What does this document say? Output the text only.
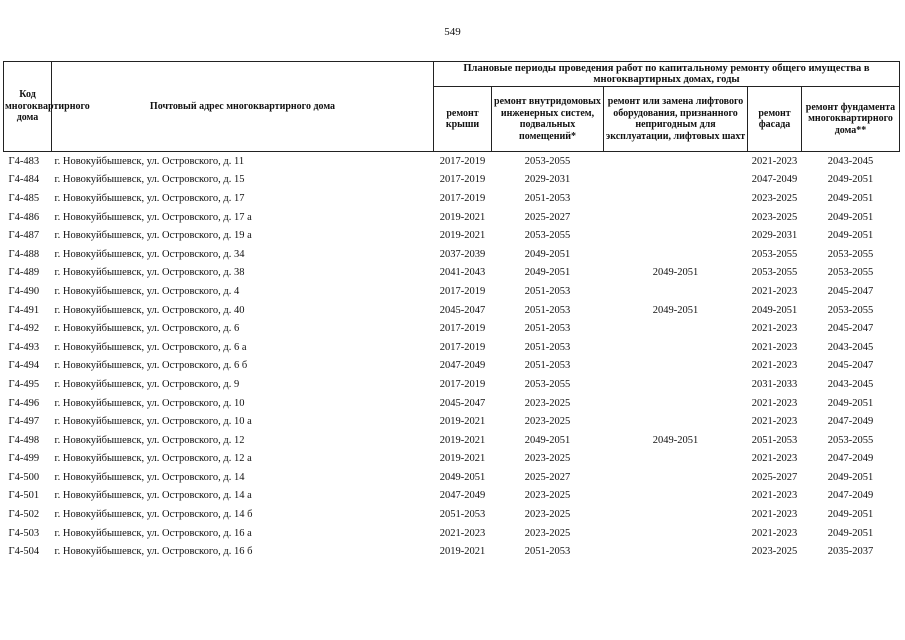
549
Код многоквартирного дома	Почтовый адрес многоквартирного дома	Плановые периоды проведения работ по капитальному ремонту общего имущества в многоквартирных домах, годы				
		ремонт крыши	ремонт внутридомовых инженерных систем, подвальных помещений*	ремонт или замена лифтового оборудования, признанного непригодным для эксплуатации, лифтовых шахт	ремонт фасада	ремонт фундамента многоквартирного дома**
Г4-483	г. Новокуйбышевск, ул. Островского, д. 11	2017-2019	2053-2055		2021-2023	2043-2045
Г4-484	г. Новокуйбышевск, ул. Островского, д. 15	2017-2019	2029-2031		2047-2049	2049-2051
Г4-485	г. Новокуйбышевск, ул. Островского, д. 17	2017-2019	2051-2053		2023-2025	2049-2051
Г4-486	г. Новокуйбышевск, ул. Островского, д. 17 а	2019-2021	2025-2027		2023-2025	2049-2051
Г4-487	г. Новокуйбышевск, ул. Островского, д. 19 а	2019-2021	2053-2055		2029-2031	2049-2051
Г4-488	г. Новокуйбышевск, ул. Островского, д. 34	2037-2039	2049-2051		2053-2055	2053-2055
Г4-489	г. Новокуйбышевск, ул. Островского, д. 38	2041-2043	2049-2051	2049-2051	2053-2055	2053-2055
Г4-490	г. Новокуйбышевск, ул. Островского, д. 4	2017-2019	2051-2053		2021-2023	2045-2047
Г4-491	г. Новокуйбышевск, ул. Островского, д. 40	2045-2047	2051-2053	2049-2051	2049-2051	2053-2055
Г4-492	г. Новокуйбышевск, ул. Островского, д. 6	2017-2019	2051-2053		2021-2023	2045-2047
Г4-493	г. Новокуйбышевск, ул. Островского, д. 6 а	2017-2019	2051-2053		2021-2023	2043-2045
Г4-494	г. Новокуйбышевск, ул. Островского, д. 6 б	2047-2049	2051-2053		2021-2023	2045-2047
Г4-495	г. Новокуйбышевск, ул. Островского, д. 9	2017-2019	2053-2055		2031-2033	2043-2045
Г4-496	г. Новокуйбышевск, ул. Островского, д. 10	2045-2047	2023-2025		2021-2023	2049-2051
Г4-497	г. Новокуйбышевск, ул. Островского, д. 10 а	2019-2021	2023-2025		2021-2023	2047-2049
Г4-498	г. Новокуйбышевск, ул. Островского, д. 12	2019-2021	2049-2051	2049-2051	2051-2053	2053-2055
Г4-499	г. Новокуйбышевск, ул. Островского, д. 12 а	2019-2021	2023-2025		2021-2023	2047-2049
Г4-500	г. Новокуйбышевск, ул. Островского, д. 14	2049-2051	2025-2027		2025-2027	2049-2051
Г4-501	г. Новокуйбышевск, ул. Островского, д. 14 а	2047-2049	2023-2025		2021-2023	2047-2049
Г4-502	г. Новокуйбышевск, ул. Островского, д. 14 б	2051-2053	2023-2025		2021-2023	2049-2051
Г4-503	г. Новокуйбышевск, ул. Островского, д. 16 а	2021-2023	2023-2025		2021-2023	2049-2051
Г4-504	г. Новокуйбышевск, ул. Островского, д. 16 б	2019-2021	2051-2053		2023-2025	2035-2037
